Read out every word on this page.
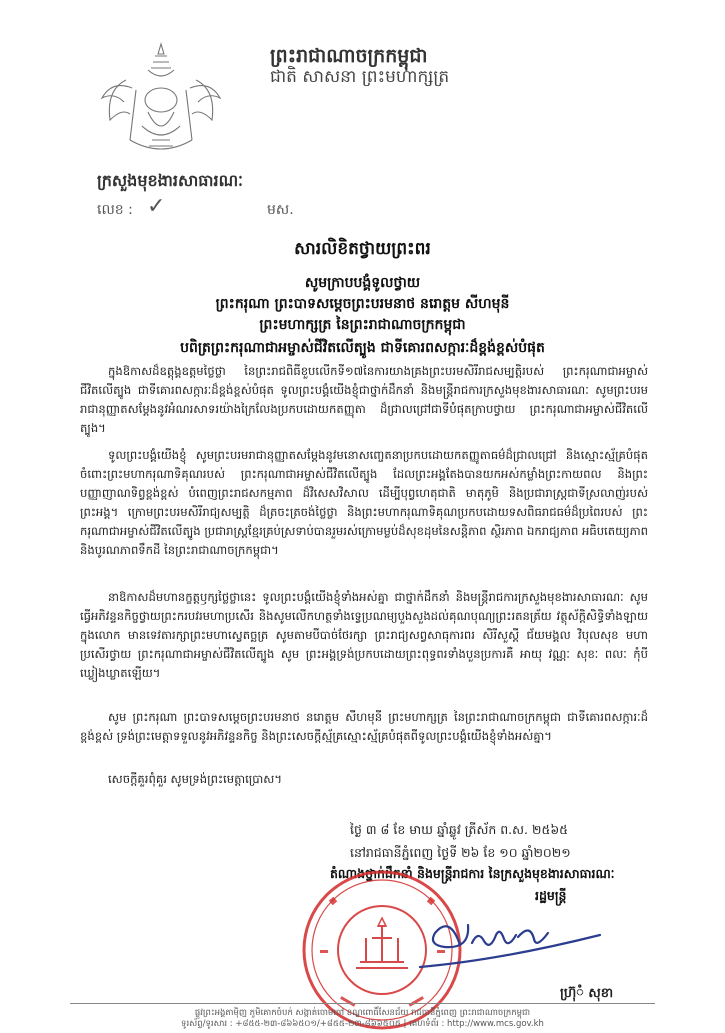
ព្រះរាជាណាចក្រកម្ពុជា
ជាតិ សាសនា ព្រះមហាក្សត្រ
ក្រសួងមុខងារសាធារណៈ
លេខ : ✓	មស.
សារលិខិតថ្វាយព្រះពរ
សូមក្រាបបង្គំទូលថ្វាយ
ព្រះករុណា ព្រះបាទសម្តេចព្រះបរមនាថ នរោត្តម សីហមុនី
ព្រះមហាក្សត្រ នៃព្រះរាជាណាចក្រកម្ពុជា
បពិត្រព្រះករុណាជាអម្ចាស់ជីវិតលើត្បូង ជាទីគោរពសក្ការៈដ៏ខ្ពង់ខ្ពស់បំផុត
ក្នុងឱកាសដ៏ឧត្តុង្គឧត្តមថ្លៃថ្លា នៃព្រះរាជពិធីខួបលើកទី១៧នៃការយាងគ្រងព្រះបរមសិរីរាជសម្បត្តិរបស់ ព្រះករុណាជាអម្ចាស់ជីវិតលើត្បូង ជាទីគោរពសក្ការៈដ៏ខ្ពង់ខ្ពស់បំផុត ទូលព្រះបង្គំយើងខ្ញុំជាថ្នាក់ដឹកនាំ និងមន្ត្រីរាជការក្រសួងមុខងារសាធារណៈ សូមព្រះបរមរាជានុញ្ញាតសម្តែងនូវអំណរសាទរយ៉ាងក្រៃលែងប្រកបដោយកតញ្ញុតា ដ៏ជ្រាលជ្រៅជាទីបំផុតក្រាបថ្វាយ ព្រះករុណាជាអម្ចាស់ជីវិតលើត្បូង។
ទូលព្រះបង្គំយើងខ្ញុំ សូមព្រះបរមរាជានុញ្ញាតសម្តែងនូវមនោសញ្ចេតនាប្រកបដោយកតញ្ញូតាធម៌ដ៏ជ្រាលជ្រៅ និងស្មោះស្ម័គ្របំផុត ចំពោះព្រះមហាករុណាទិគុណរបស់ ព្រះករុណាជាអម្ចាស់ជីវិតលើត្បូង ដែលព្រះអង្គតែងបានយកអស់កម្លាំងព្រះកាយពល និងព្រះបញ្ញាញាណទិព្វខ្ពង់ខ្ពស់ បំពេញព្រះរាជសកម្មភាព ដ៏វិសេសវិសាល ដើម្បីបុព្វហេតុជាតិ មាតុភូមិ និងប្រជារាស្ត្រជាទីស្រលាញ់របស់ព្រះអង្គ។ ក្រោមព្រះបរមសិរីរាជ្យសម្បត្តិ ដ៏ត្រចះត្រចង់ថ្លៃថ្លា និងព្រះមហាករុណាទិគុណប្រកបដោយទសពិធរាជធម៌ដ៏ប្រពៃរបស់ ព្រះករុណាជាអម្ចាស់ជីវិតលើត្បូង ប្រជារាស្ត្រខ្មែរគ្រប់ស្រទាប់បានរួមរស់ក្រោមម្លប់ដ៏សុខដុមនៃសន្តិភាព ស្ថិរភាព ឯករាជ្យភាព អធិបតេយ្យភាព និងបូរណភាពទឹកដី នៃព្រះរាជាណាចក្រកម្ពុជា។
នាឱកាសដ៏មហានក្ខត្តឫក្សថ្លៃថ្លានេះ ទូលព្រះបង្គំយើងខ្ញុំទាំងអស់គ្នា ជាថ្នាក់ដឹកនាំ និងមន្ត្រីរាជការក្រសួងមុខងារសាធារណៈ សូមធ្វើអភិវន្ទនកិច្ចថ្វាយព្រះករបវរមហាប្រសើរ និងសូមលើកហត្ថទាំងទ្វេប្រណម្យបួងសួងដល់គុណបុណ្យព្រះរតនត្រ័យ វត្ថុស័ក្តិសិទ្ធិទាំងឡាយក្នុងលោក មានទេវតារក្សាព្រះមហាស្វេតច្ឆត្រ សូមតាមបីបាច់ថែរក្សា ព្រះរាជ្យសព្វសាធុការពរ សិរីសួស្តី ជ័យមង្គល វិបុលសុខ មហាប្រសើរថ្វាយ ព្រះករុណាជាអម្ចាស់ជីវិតលើត្បូង សូម ព្រះអង្គទ្រង់ប្រកបដោយព្រះពុទ្ធពរទាំងបួនប្រការគឺ អាយុ វណ្ណៈ សុខៈ ពលៈ កុំបីឃ្លៀងឃ្លាតឡើយ។
សូម ព្រះករុណា ព្រះបាទសម្តេចព្រះបរមនាថ នរោត្តម សីហមុនី ព្រះមហាក្សត្រ នៃព្រះរាជាណាចក្រកម្ពុជា ជាទីគោរពសក្ការៈដ៏ខ្ពង់ខ្ពស់ ទ្រង់ព្រះមេត្តាទទួលនូវអភិវន្ទនកិច្ច និងព្រះសេចក្តីស្ម័គ្រស្មោះស្ម័គ្របំផុតពីទូលព្រះបង្គំយើងខ្ញុំទាំងអស់គ្នា។
សេចក្តីគួរពុំគួរ សូមទ្រង់ព្រះមេត្តាប្រោស។
ថ្ងៃ ៣ ៨ ខែ មាឃ ឆ្នាំឆ្លូវ ត្រីស័ក ព.ស. ២៥៦៥
នៅរាជធានីភ្នំពេញ ថ្ងៃទី ២៦ ខែ ១០ ឆ្នាំ២០២១
តំណាងថ្នាក់ដឹកនាំ និងមន្ត្រីរាជការ នៃក្រសួងមុខងារសាធារណៈ
រដ្ឋមន្ត្រី
ហ៊ុ្រំ សុខា
ផ្លូវព្រះអង្គតាម៉ិញ ភូមិគោកចំបក់ សង្កាត់ចោមចៅ ខណ្ឌពោធិ៍សែនជ័យ រាជធានីភ្នំពេញ ព្រះរាជាណាចក្រកម្ពុជា
ទូរស័ព្ទ/ទូរសារ : +៨៥៥-២៣-៨៦៦៥០១/+៨៥៥-២៣-៨៦៦៥០៥ | គេហទំព័រ : http://www.mcs.gov.kh
